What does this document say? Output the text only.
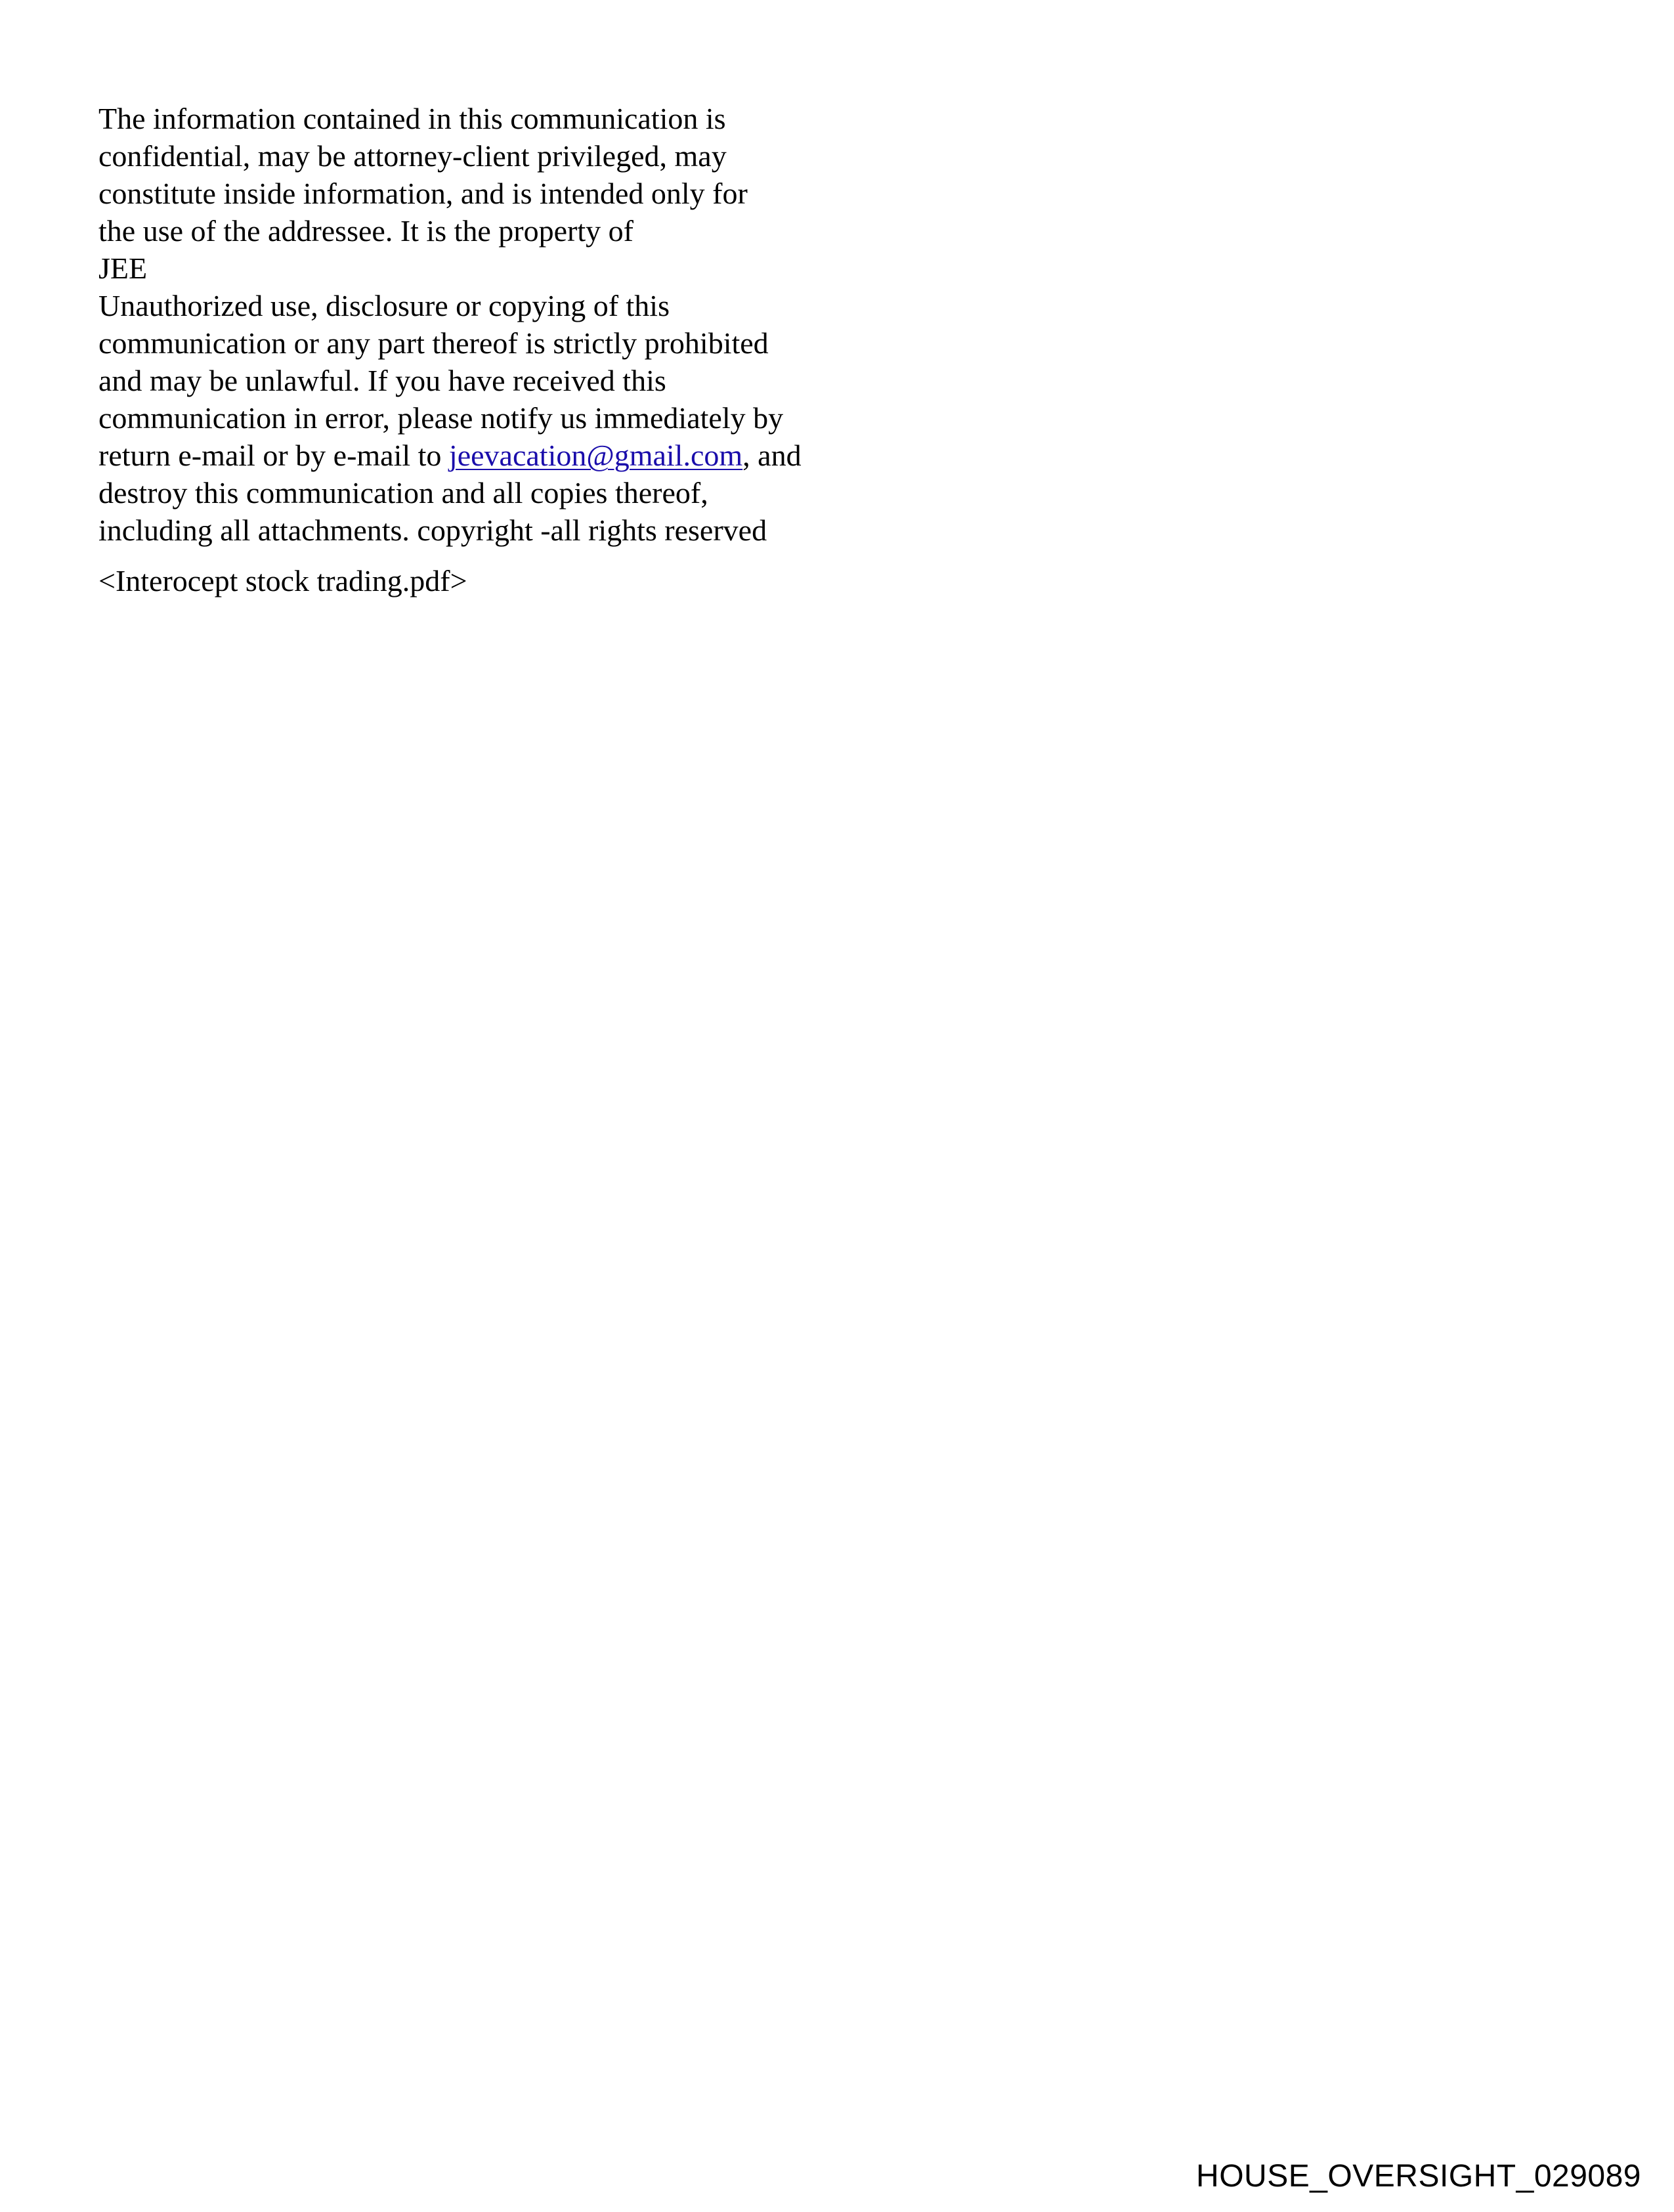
The information contained in this communication is
confidential, may be attorney-client privileged, may
constitute inside information, and is intended only for
the use of the addressee. It is the property of
JEE
Unauthorized use, disclosure or copying of this
communication or any part thereof is strictly prohibited
and may be unlawful. If you have received this
communication in error, please notify us immediately by
return e-mail or by e-mail to jeevacation@gmail.com, and
destroy this communication and all copies thereof,
including all attachments. copyright -all rights reserved
<Interocept stock trading.pdf>
HOUSE_OVERSIGHT_029089
